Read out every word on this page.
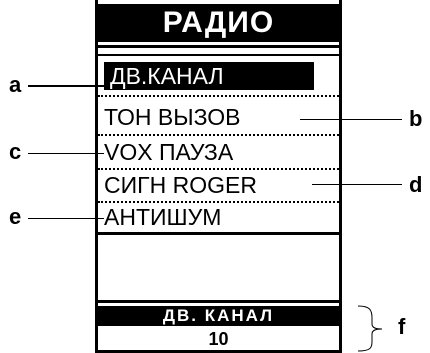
РАДИО
ДВ.КАНАЛ
ТОН ВЫЗОВ
VOX ПАУЗА
СИГН ROGER
АНТИШУМ
ДВ. КАНАЛ
10
a
b
c
d
e
f
